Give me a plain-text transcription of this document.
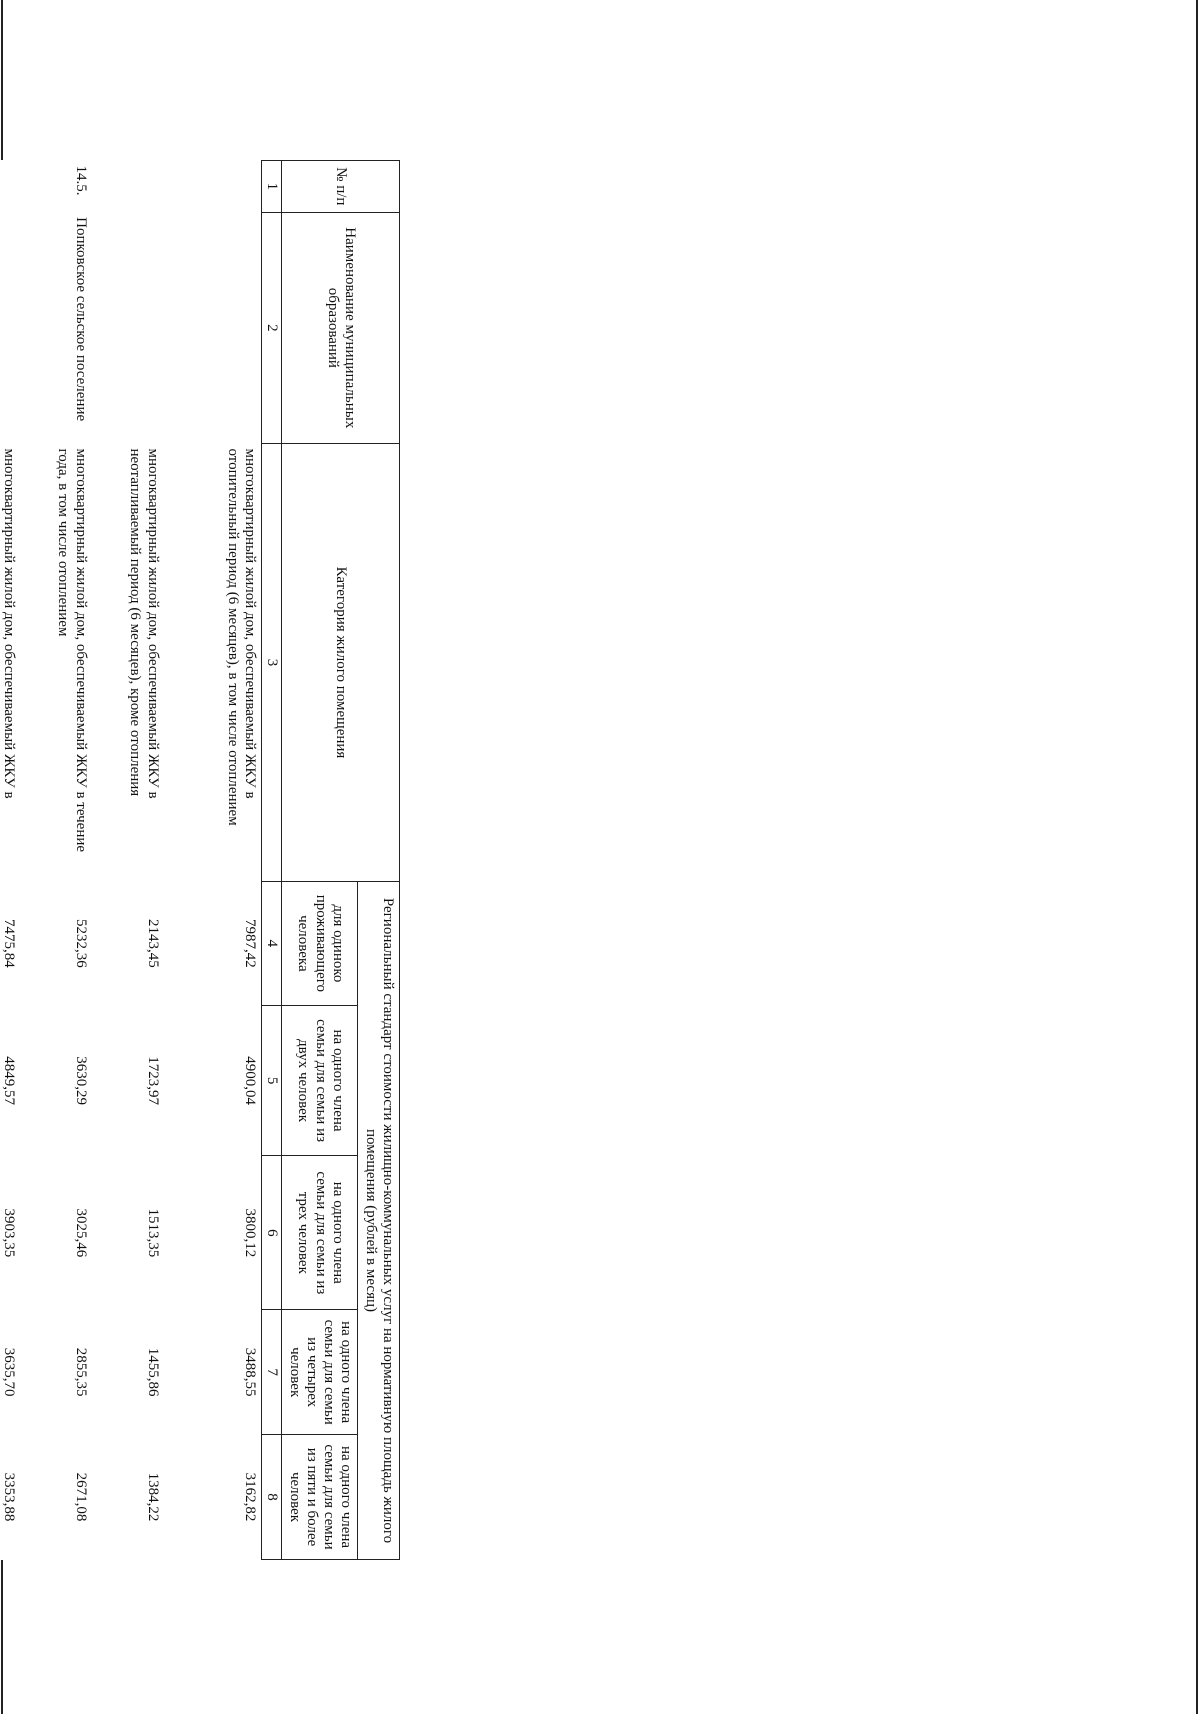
№ п/п	Наименование муниципальных образований	Категория жилого помещения	Региональный стандарт стоимости жилищно-коммунальных услуг на нормативную площадь жилого помещения (рублей в месяц)				
			для одиноко проживающего человека	на одного члена семьи для семьи из двух человек	на одного члена семьи для семьи из трех человек	на одного члена семьи для семьи из четырех человек	на одного члена семьи для семьи из пяти и более человек
1	2	3	4	5	6	7	8
		многоквартирный жилой дом, обеспечиваемый ЖКУ в отопительный период (6 месяцев), в том числе отоплением	7987,42	4900,04	3800,12	3488,55	3162,82
		многоквартирный жилой дом, обеспечиваемый ЖКУ в неотапливаемый период (6 месяцев), кроме отопления	2143,45	1723,97	1513,35	1455,86	1384,22
14.5.	Попковское сельское поселение	многоквартирный жилой дом, обеспечиваемый ЖКУ в течение года, в том числе отоплением	5232,36	3630,29	3025,46	2855,35	2671,08
		многоквартирный жилой дом, обеспечиваемый ЖКУ в	7475,84	4849,57	3903,35	3635,70	3353,88
